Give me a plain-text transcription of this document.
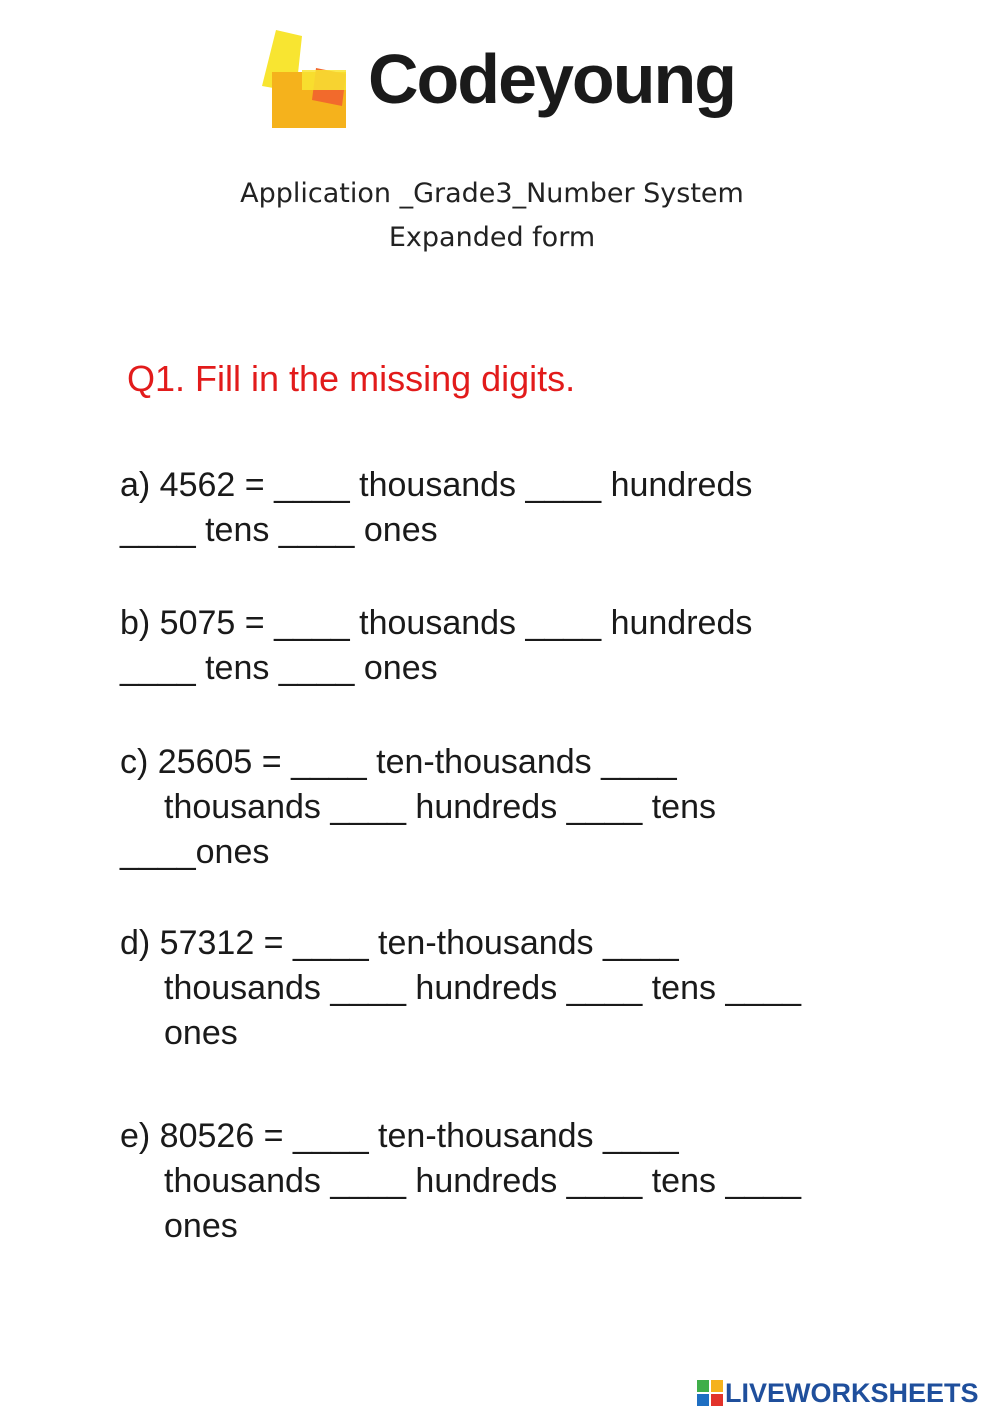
Codeyoung
Application _Grade3_Number System
Expanded form
Q1. Fill in the missing digits.
a) 4562 = ____ thousands ____ hundreds
____ tens ____ ones
b) 5075 = ____ thousands ____ hundreds
____ tens ____ ones
c) 25605 = ____ ten-thousands ____
thousands ____ hundreds ____ tens
____ones
d) 57312 = ____ ten-thousands ____
thousands ____ hundreds ____ tens ____
ones
e) 80526 = ____ ten-thousands ____
thousands ____ hundreds ____ tens ____
ones
LIVEWORKSHEETS
